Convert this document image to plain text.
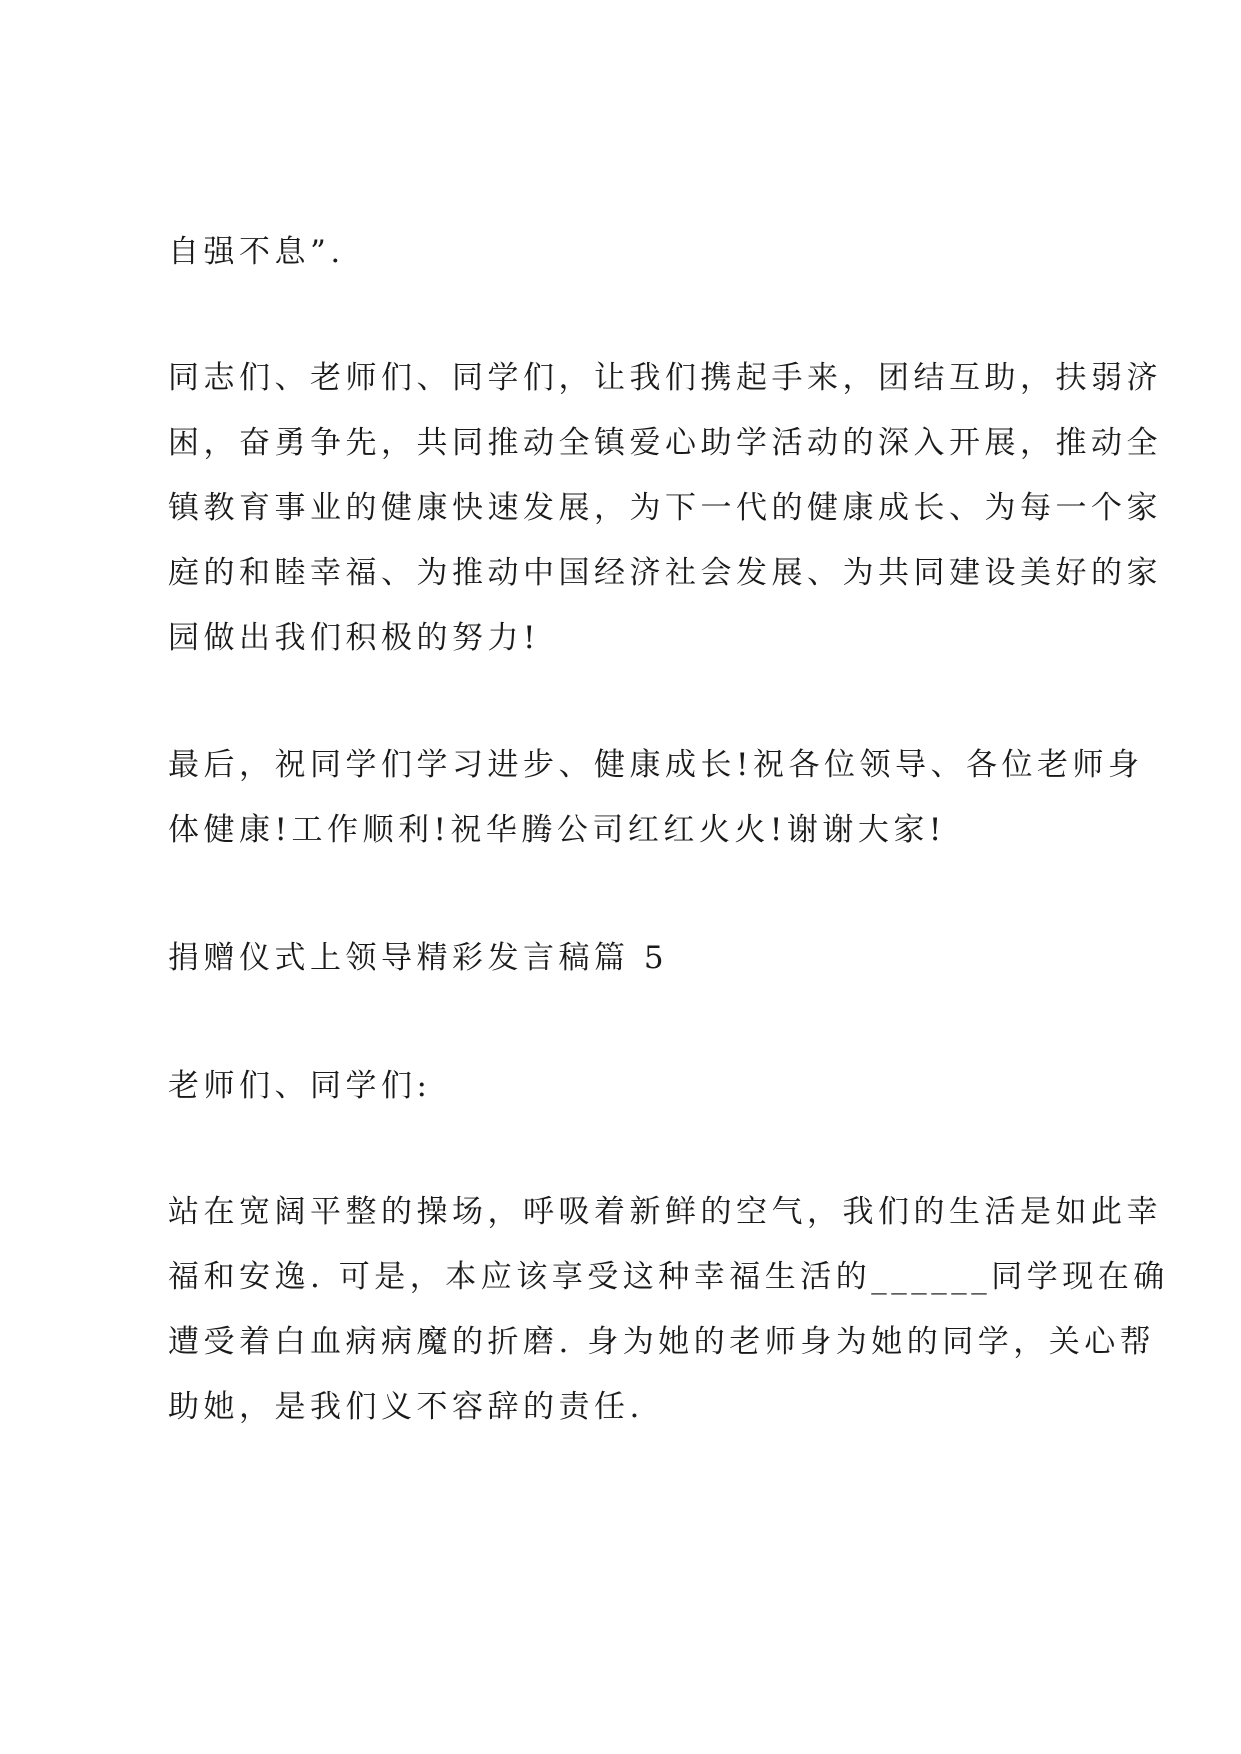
自强不息”.

同志们、老师们、同学们，让我们携起手来，团结互助，扶弱济
困，奋勇争先，共同推动全镇爱心助学活动的深入开展，推动全
镇教育事业的健康快速发展，为下一代的健康成长、为每一个家
庭的和睦幸福、为推动中国经济社会发展、为共同建设美好的家
园做出我们积极的努力!

最后，祝同学们学习进步、健康成长!祝各位领导、各位老师身
体健康!工作顺利!祝华腾公司红红火火!谢谢大家!

捐赠仪式上领导精彩发言稿篇 5

老师们、同学们:

站在宽阔平整的操场，呼吸着新鲜的空气，我们的生活是如此幸
福和安逸. 可是，本应该享受这种幸福生活的______同学现在确
遭受着白血病病魔的折磨. 身为她的老师身为她的同学，关心帮
助她，是我们义不容辞的责任.
